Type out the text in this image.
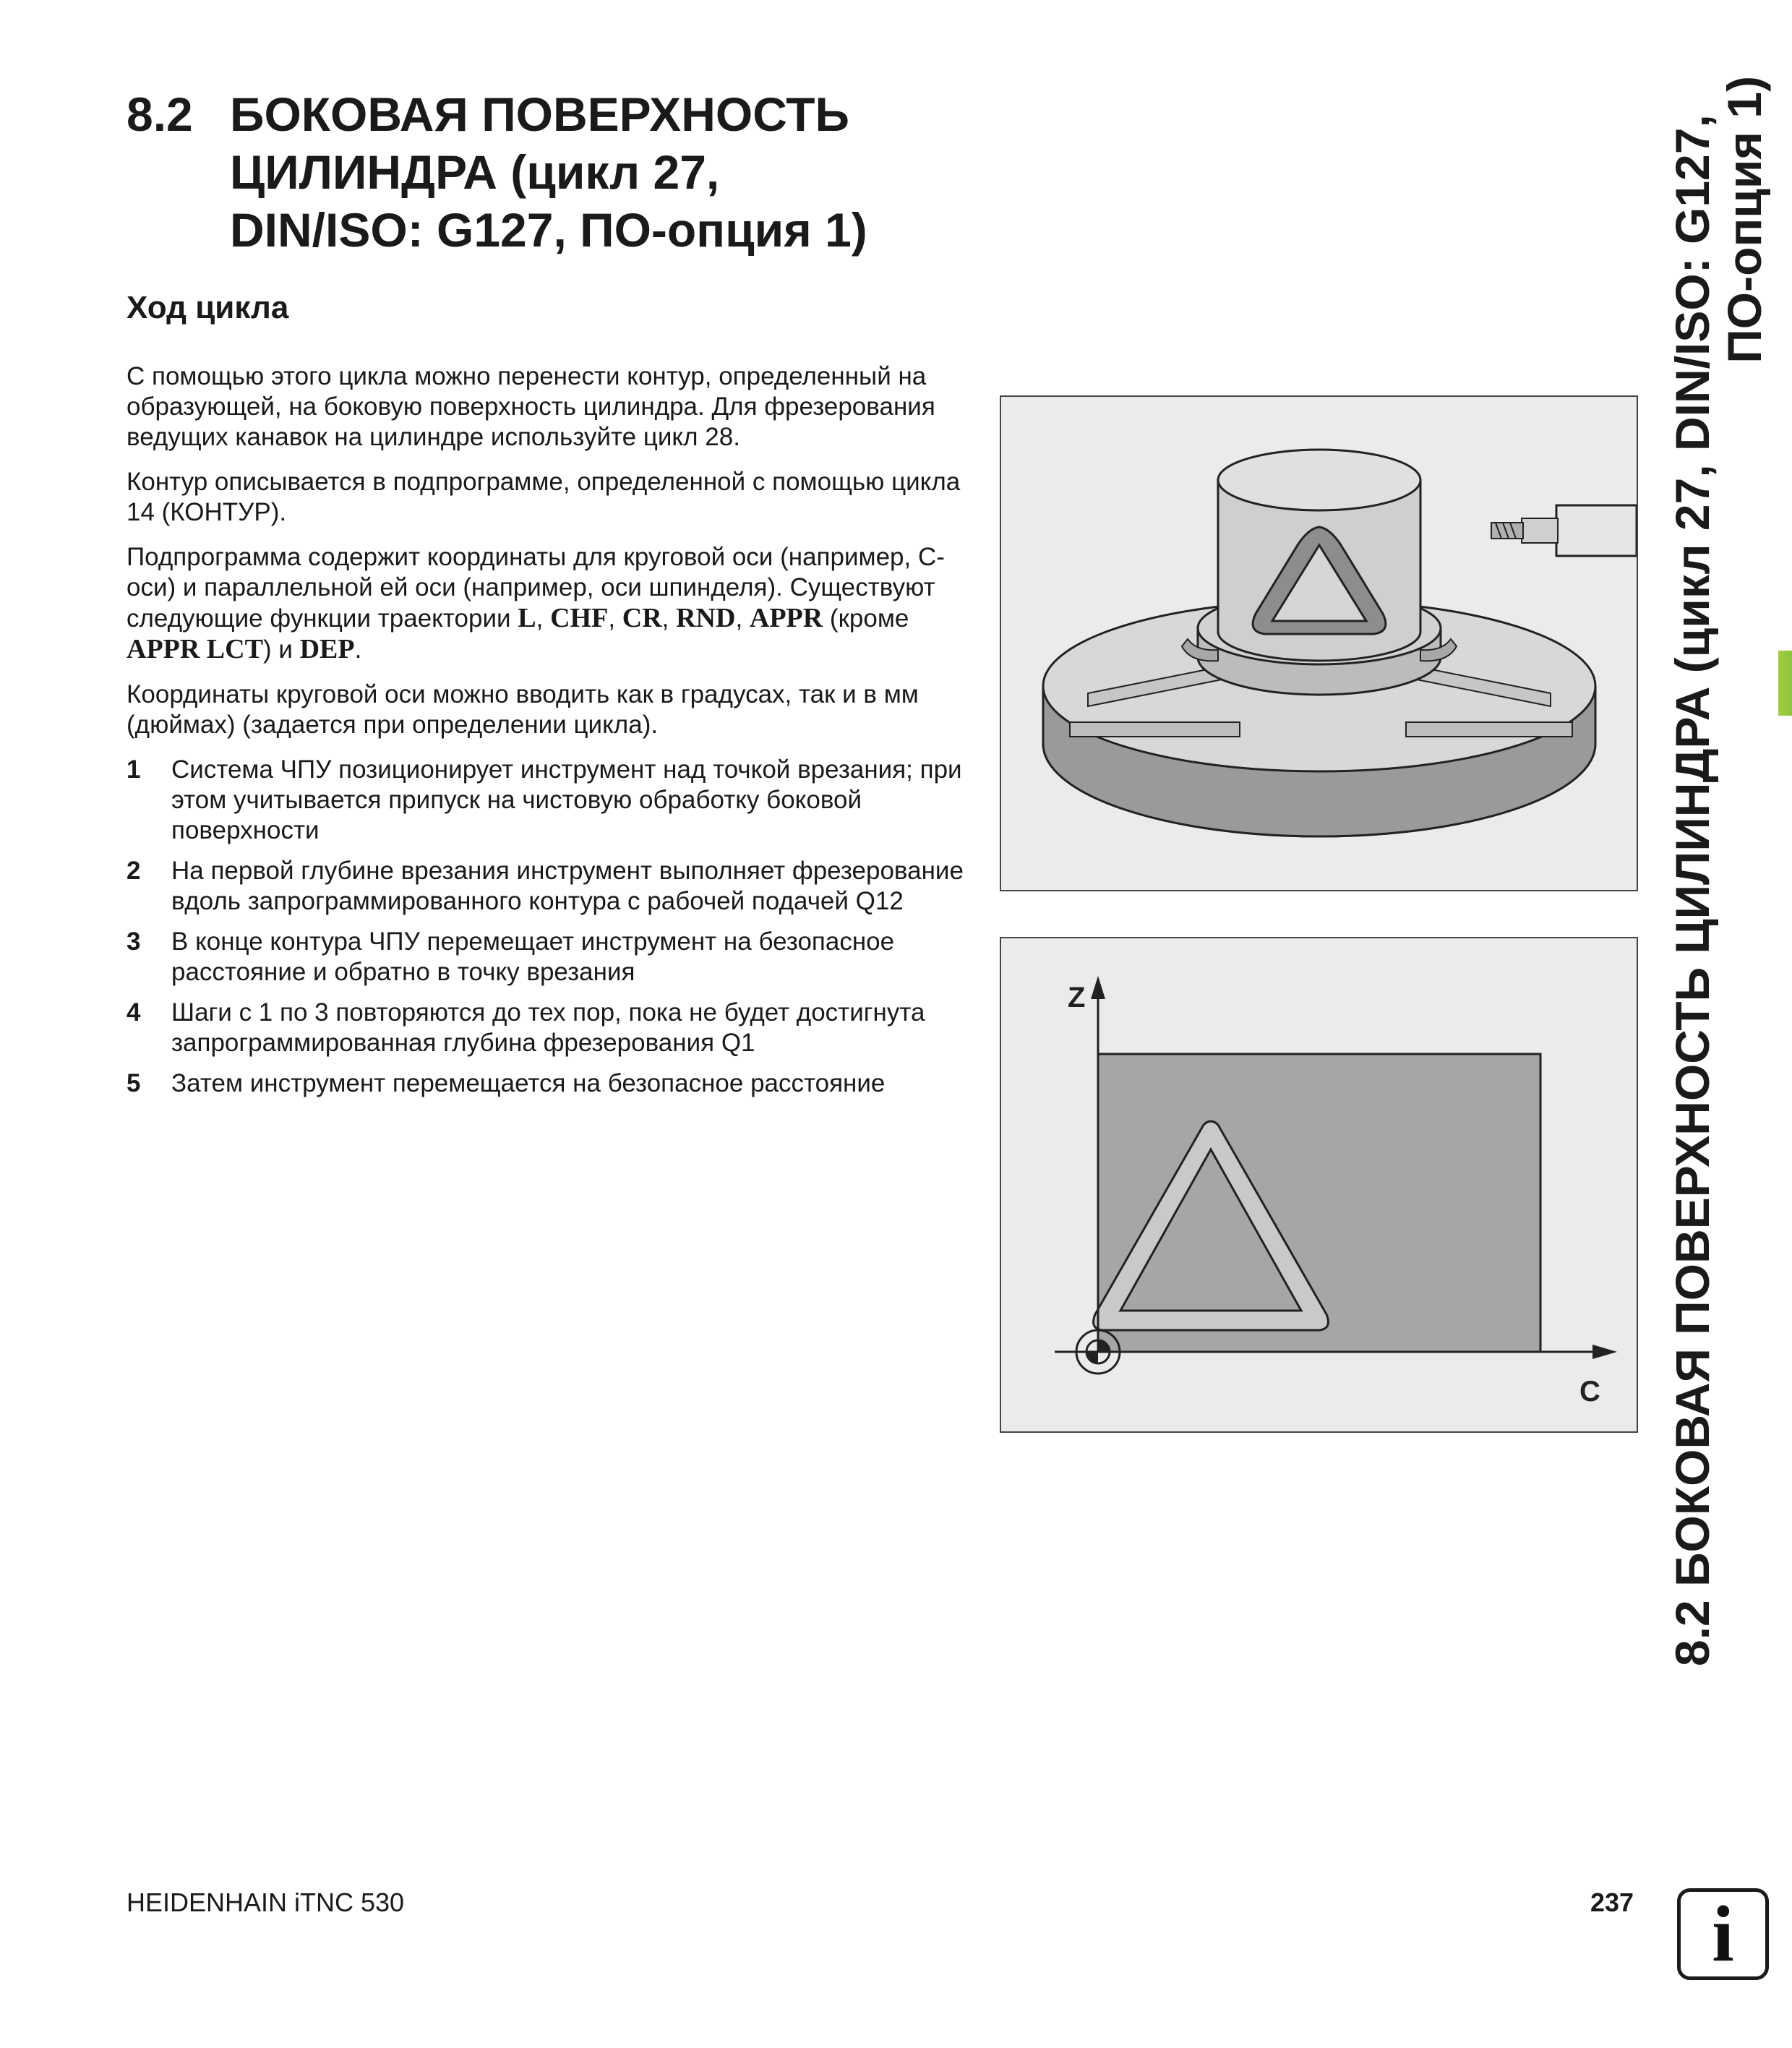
8.2 БОКОВАЯ ПОВЕРХНОСТЬ
ЦИЛИНДРА (цикл 27,
DIN/ISO: G127, ПО-опция 1)
Ход цикла

С помощью этого цикла можно перенести контур, определенный на образующей, на боковую поверхность цилиндра. Для фрезерования ведущих канавок на цилиндре используйте цикл 28.

Контур описывается в подпрограмме, определенной с помощью цикла 14 (КОНТУР).

Подпрограмма содержит координаты для круговой оси (например, C-оси) и параллельной ей оси (например, оси шпинделя). Существуют следующие функции траектории L, CHF, CR, RND, APPR (кроме APPR LCT) и DEP.

Координаты круговой оси можно вводить как в градусах, так и в мм (дюймах) (задается при определении цикла).

1 Система ЧПУ позиционирует инструмент над точкой врезания; при этом учитывается припуск на чистовую обработку боковой поверхности
2 На первой глубине врезания инструмент выполняет фрезерование вдоль запрограммированного контура с рабочей подачей Q12
3 В конце контура ЧПУ перемещает инструмент на безопасное расстояние и обратно в точку врезания
4 Шаги с 1 по 3 повторяются до тех пор, пока не будет достигнута запрограммированная глубина фрезерования Q1
5 Затем инструмент перемещается на безопасное расстояние
Z
C 8.2 БОКОВАЯ ПОВЕРХНОСТЬ ЦИЛИНДРА (цикл 27, DIN/ISO: G127,
ПО-опция 1)
HEIDENHAIN iTNC 530	237 i
